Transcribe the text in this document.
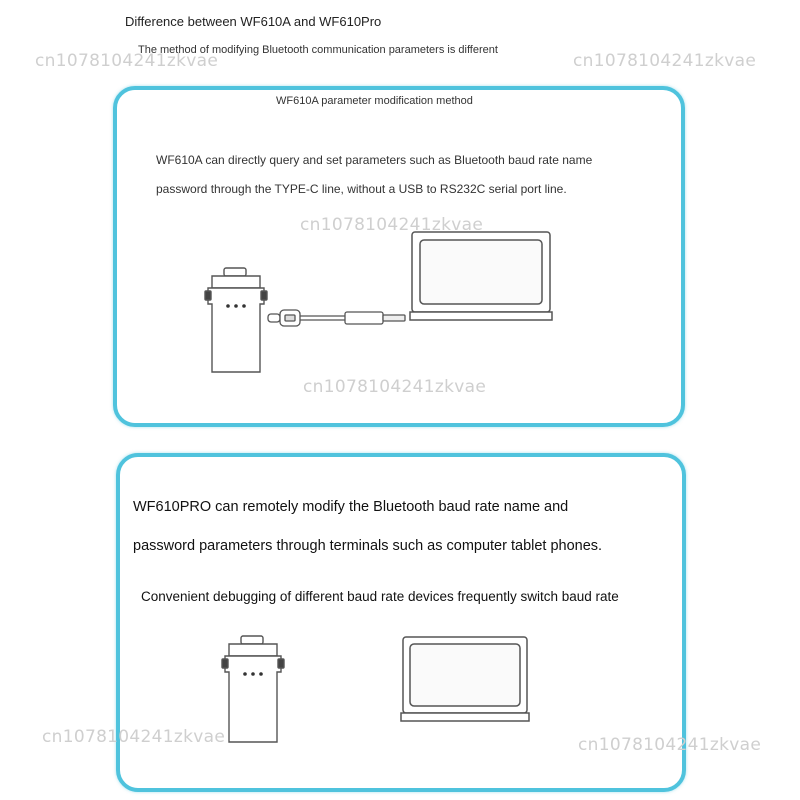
Difference between WF610A and WF610Pro
The method of modifying Bluetooth communication parameters is different
WF610A parameter modification method
WF610A can directly query and set parameters such as Bluetooth baud rate name
password through the TYPE-C line, without a USB to RS232C serial port line.
WF610PRO can remotely modify the Bluetooth baud rate name and
password parameters through terminals such as computer tablet phones.
Convenient debugging of different baud rate devices frequently switch baud rate
cn1078104241zkvae	cn1078104241zkvae
cn1078104241zkvae
cn1078104241zkvae
cn1078104241zkvae	cn1078104241zkvae
